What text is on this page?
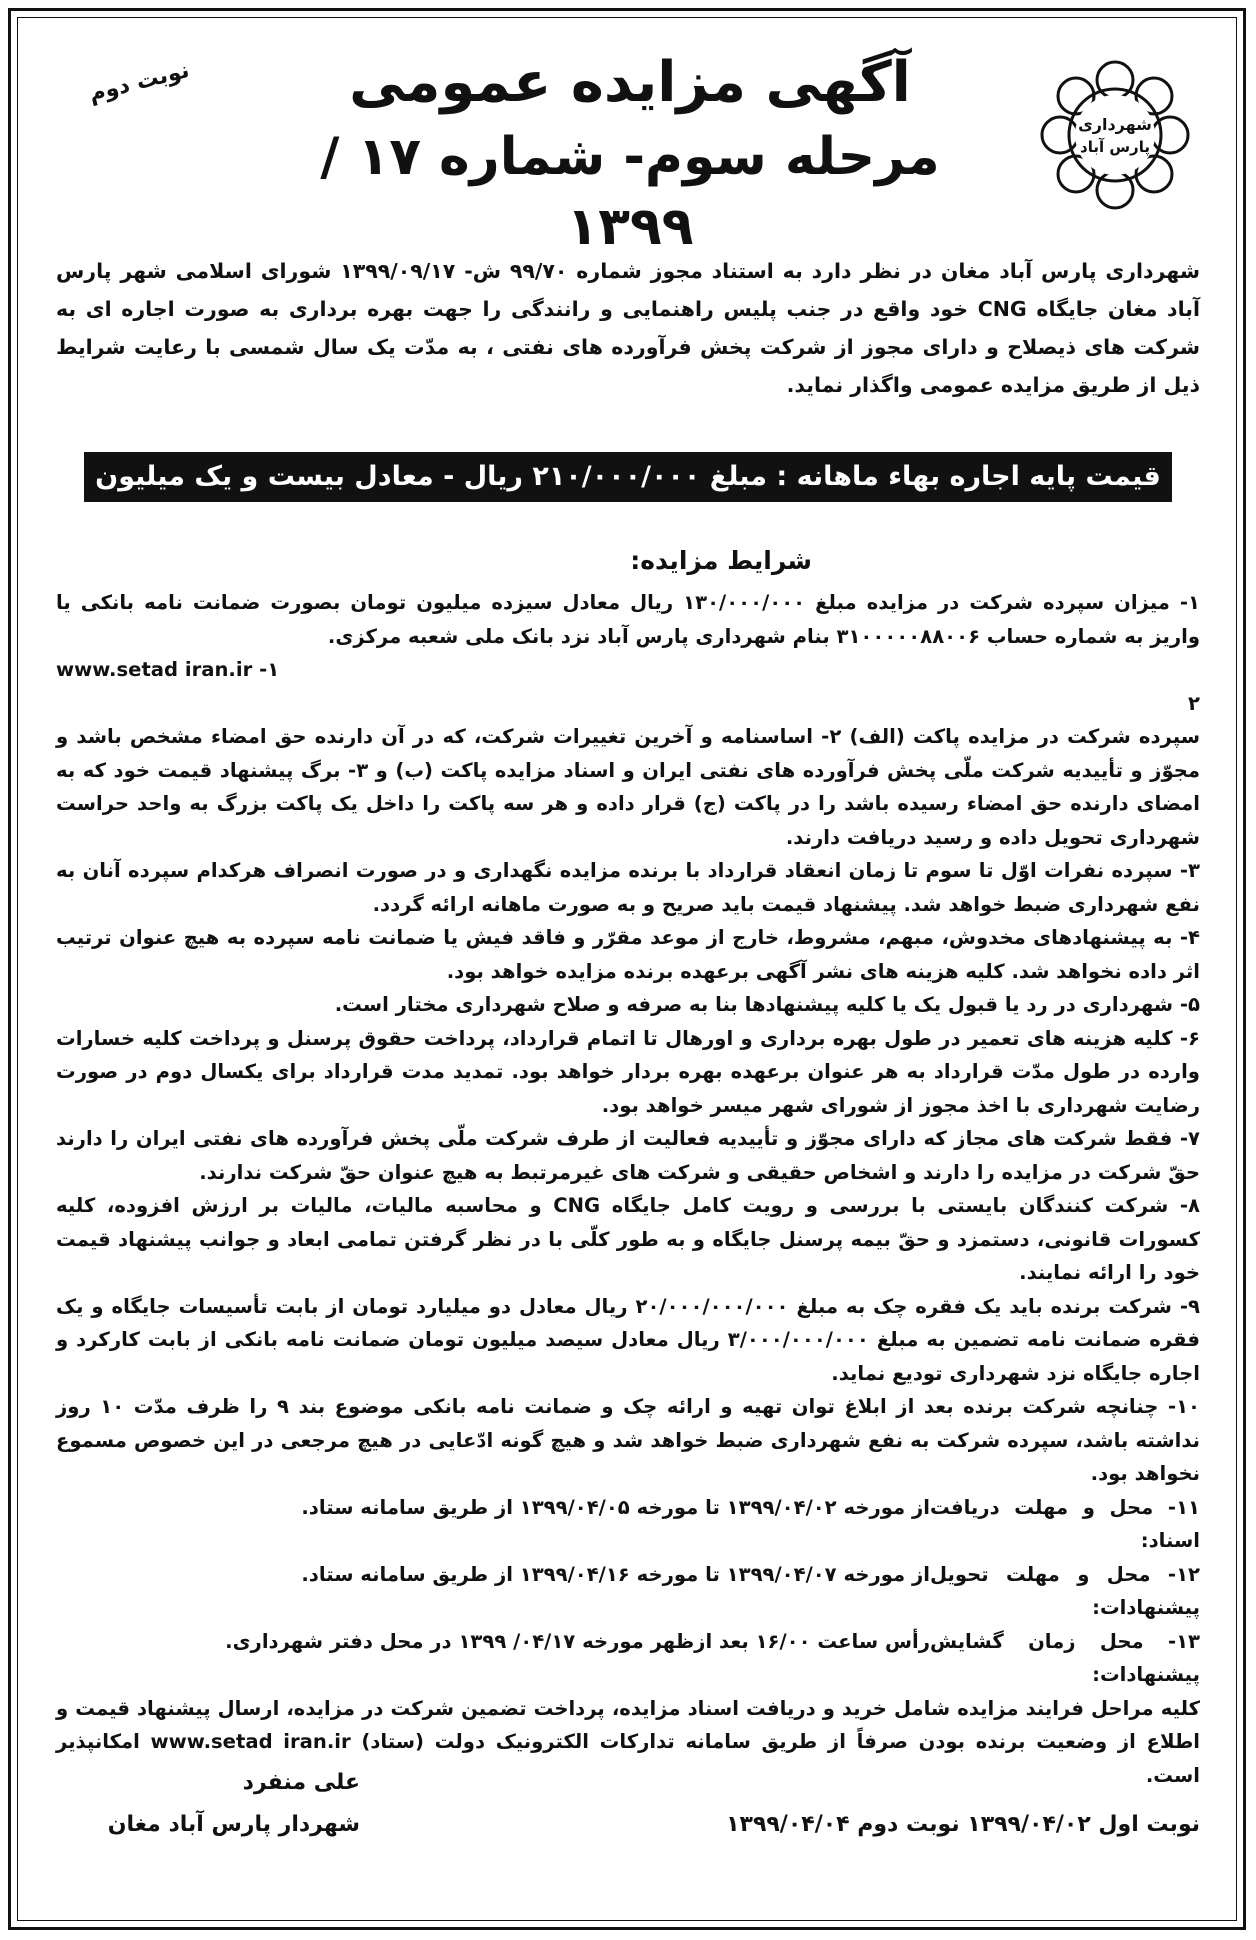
شهرداری
پارس آباد
نوبت دوم	آگهی مزایده عمومی
مرحله سوم- شماره ۱۷ /۱۳۹۹
شهرداری پارس آباد مغان در نظر دارد به استناد مجوز شماره ۹۹/۷۰ ش- ۱۳۹۹/۰۹/۱۷ شورای اسلامی شهر پارس آباد مغان جایگاه CNG خود واقع در جنب پلیس راهنمایی و رانندگی را جهت بهره برداری به صورت اجاره ای به شرکت های ذیصلاح و دارای مجوز از شرکت پخش فرآورده های نفتی ، به مدّت یک سال شمسی با رعایت شرایط ذیل از طریق مزایده عمومی واگذار نماید.
قیمت پایه اجاره بهاء ماهانه : مبلغ ۲۱۰/۰۰۰/۰۰۰ ریال - معادل بیست و یک میلیون تومان
شرایط مزایده:

۱- میزان سپرده شرکت در مزایده مبلغ ۱۳۰/۰۰۰/۰۰۰ ریال معادل سیزده میلیون تومان بصورت ضمانت نامه بانکی یا واریز به شماره حساب ۳۱۰۰۰۰۰۸۸۰۰۶ بنام شهرداری پارس آباد نزد بانک ملی شعبه مرکزی.

www.setad iran.ir -۱

۲

سپرده شرکت در مزایده پاکت (الف) ۲- اساسنامه و آخرین تغییرات شرکت، که در آن دارنده حق امضاء مشخص باشد و مجوّز و تأییدیه شرکت ملّی پخش فرآورده های نفتی ایران و اسناد مزایده پاکت (ب) و ۳- برگ پیشنهاد قیمت خود که به امضای دارنده حق امضاء رسیده باشد را در پاکت (ج) قرار داده و هر سه پاکت را داخل یک پاکت بزرگ به واحد حراست شهرداری تحویل داده و رسید دریافت دارند.

۳- سپرده نفرات اوّل تا سوم تا زمان انعقاد قرارداد با برنده مزایده نگهداری و در صورت انصراف هرکدام سپرده آنان به نفع شهرداری ضبط خواهد شد. پیشنهاد قیمت باید صریح و به صورت ماهانه ارائه گردد.

۴- به پیشنهادهای مخدوش، مبهم، مشروط، خارج از موعد مقرّر و فاقد فیش یا ضمانت نامه سپرده به هیچ عنوان ترتیب اثر داده نخواهد شد. کلیه هزینه های نشر آگهی برعهده برنده مزایده خواهد بود.

۵- شهرداری در رد یا قبول یک یا کلیه پیشنهادها بنا به صرفه و صلاح شهرداری مختار است.

۶- کلیه هزینه های تعمیر در طول بهره برداری و اورهال تا اتمام قرارداد، پرداخت حقوق پرسنل و پرداخت کلیه خسارات وارده در طول مدّت قرارداد به هر عنوان برعهده بهره بردار خواهد بود. تمدید مدت قرارداد برای یکسال دوم در صورت رضایت شهرداری با اخذ مجوز از شورای شهر میسر خواهد بود.

۷- فقط شرکت های مجاز که دارای مجوّز و تأییدیه فعالیت از طرف شرکت ملّی پخش فرآورده های نفتی ایران را دارند حقّ شرکت در مزایده را دارند و اشخاص حقیقی و شرکت های غیرمرتبط به هیچ عنوان حقّ شرکت ندارند.

۸- شرکت کنندگان بایستی با بررسی و رویت کامل جایگاه CNG و محاسبه مالیات، مالیات بر ارزش افزوده، کلیه کسورات قانونی، دستمزد و حقّ بیمه پرسنل جایگاه و به طور کلّی با در نظر گرفتن تمامی ابعاد و جوانب پیشنهاد قیمت خود را ارائه نمایند.

۹- شرکت برنده باید یک فقره چک به مبلغ ۲۰/۰۰۰/۰۰۰/۰۰۰ ریال معادل دو میلیارد تومان از بابت تأسیسات جایگاه و یک فقره ضمانت نامه تضمین به مبلغ ۳/۰۰۰/۰۰۰/۰۰۰ ریال معادل سیصد میلیون تومان ضمانت نامه بانکی از بابت کارکرد و اجاره جایگاه نزد شهرداری تودیع نماید.

۱۰- چنانچه شرکت برنده بعد از ابلاغ توان تهیه و ارائه چک و ضمانت نامه بانکی موضوع بند ۹ را ظرف مدّت ۱۰ روز نداشته باشد، سپرده شرکت به نفع شهرداری ضبط خواهد شد و هیچ گونه ادّعایی در هیچ مرجعی در این خصوص مسموع نخواهد بود.

۱۱- محل و مهلت دریافت اسناد:
از مورخه ۱۳۹۹/۰۴/۰۲ تا مورخه ۱۳۹۹/۰۴/۰۵ از طریق سامانه ستاد.
۱۲- محل و مهلت تحویل پیشنهادات:
از مورخه ۱۳۹۹/۰۴/۰۷ تا مورخه ۱۳۹۹/۰۴/۱۶ از طریق سامانه ستاد.
۱۳- محل زمان گشایش پیشنهادات:
رأس ساعت ۱۶/۰۰ بعد ازظهر مورخه ۰۴/۱۷/ ۱۳۹۹ در محل دفتر شهرداری.

کلیه مراحل فرایند مزایده شامل خرید و دریافت اسناد مزایده، پرداخت تضمین شرکت در مزایده، ارسال پیشنهاد قیمت و اطلاع از وضعیت برنده بودن صرفاً از طریق سامانه تدارکات الکترونیک دولت (ستاد) www.setad iran.ir امکانپذیر است.

علی منفرد
شهردار پارس آباد مغان	نوبت اول ۱۳۹۹/۰۴/۰۲ نوبت دوم ۱۳۹۹/۰۴/۰۴
